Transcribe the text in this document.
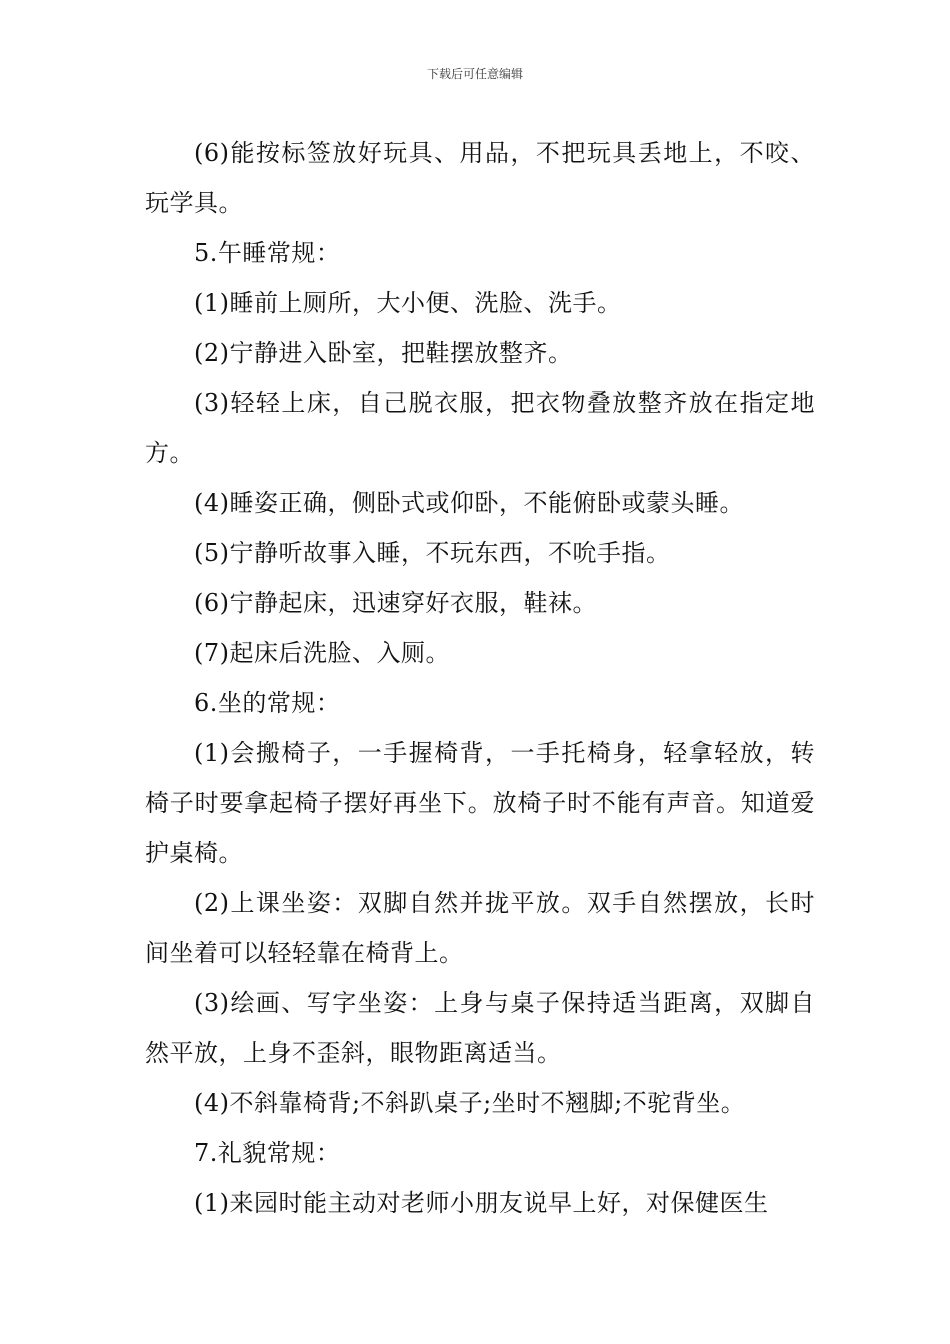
下载后可任意编辑

(6)能按标签放好玩具、用品，不把玩具丢地上，不咬、玩学具。

5.午睡常规：

(1)睡前上厕所，大小便、洗脸、洗手。

(2)宁静进入卧室，把鞋摆放整齐。

(3)轻轻上床，自己脱衣服，把衣物叠放整齐放在指定地方。

(4)睡姿正确，侧卧式或仰卧，不能俯卧或蒙头睡。

(5)宁静听故事入睡，不玩东西，不吮手指。

(6)宁静起床，迅速穿好衣服，鞋袜。

(7)起床后洗脸、入厕。

6.坐的常规：

(1)会搬椅子，一手握椅背，一手托椅身，轻拿轻放，转椅子时要拿起椅子摆好再坐下。放椅子时不能有声音。知道爱护桌椅。

(2)上课坐姿：双脚自然并拢平放。双手自然摆放，长时间坐着可以轻轻靠在椅背上。

(3)绘画、写字坐姿：上身与桌子保持适当距离，双脚自然平放，上身不歪斜，眼物距离适当。

(4)不斜靠椅背;不斜趴桌子;坐时不翘脚;不驼背坐。

7.礼貌常规：

(1)来园时能主动对老师小朋友说早上好，对保健医生
